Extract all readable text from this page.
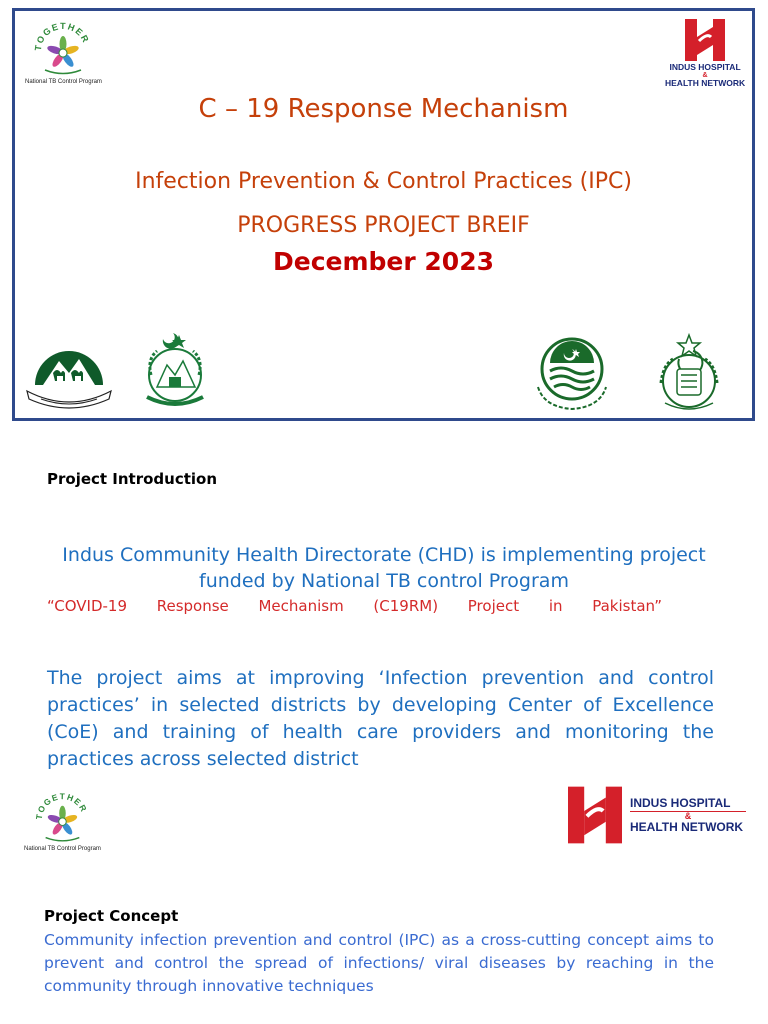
TOGETHER
National TB Control Program
INDUS HOSPITAL
&
HEALTH NETWORK
C – 19 Response Mechanism
Infection Prevention & Control Practices (IPC)
PROGRESS PROJECT BREIF
December 2023
Project Introduction
Indus Community Health Directorate (CHD) is implementing project
funded by National TB control Program
“COVID-19 Response Mechanism (C19RM) Project in Pakistan”
The project aims at improving ‘Infection prevention and control practices’ in selected districts by developing Center of Excellence (CoE) and training of health care providers and monitoring the practices across selected district
TOGETHER
National TB Control Program
INDUS HOSPITAL
&
HEALTH NETWORK
Project Concept
Community infection prevention and control (IPC) as a cross-cutting concept aims to prevent and control the spread of infections/ viral diseases by reaching in the community through innovative techniques
